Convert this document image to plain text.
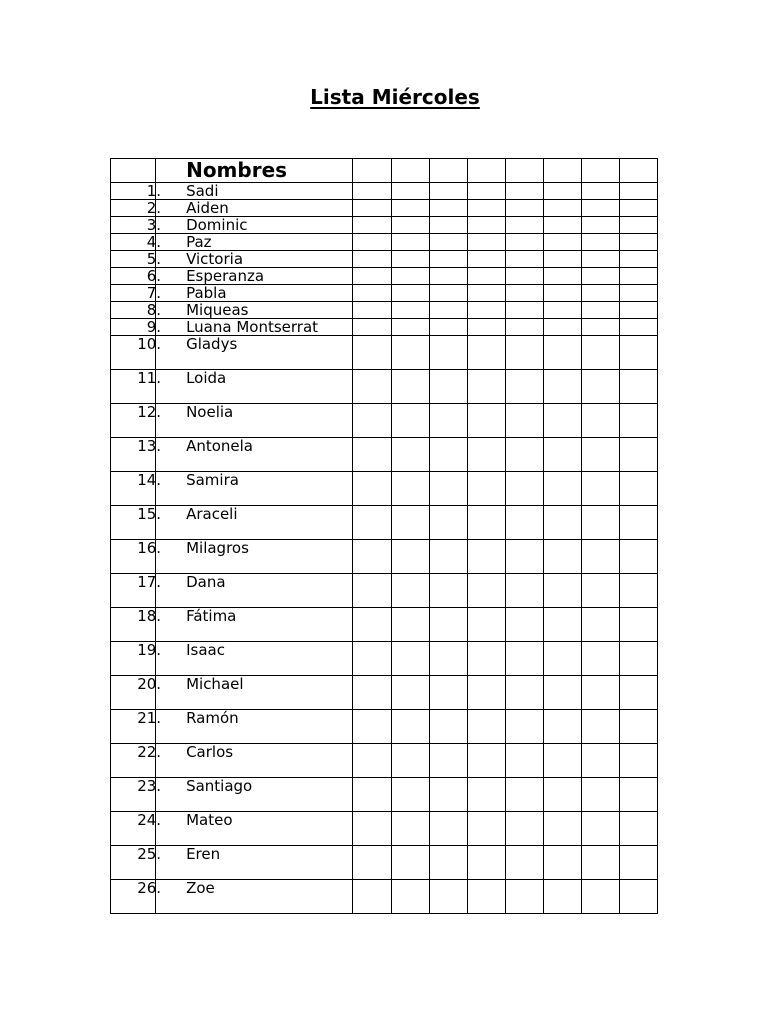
Lista Miércoles
	Nombres								
1.	Sadi								
2.	Aiden								
3.	Dominic								
4.	Paz								
5.	Victoria								
6.	Esperanza								
7.	Pabla								
8.	Miqueas								
9.	Luana Montserrat								
10.	Gladys								
11.	Loida								
12.	Noelia								
13.	Antonela								
14.	Samira								
15.	Araceli								
16.	Milagros								
17.	Dana								
18.	Fátima								
19.	Isaac								
20.	Michael								
21.	Ramón								
22.	Carlos								
23.	Santiago								
24.	Mateo								
25.	Eren								
26.	Zoe								
